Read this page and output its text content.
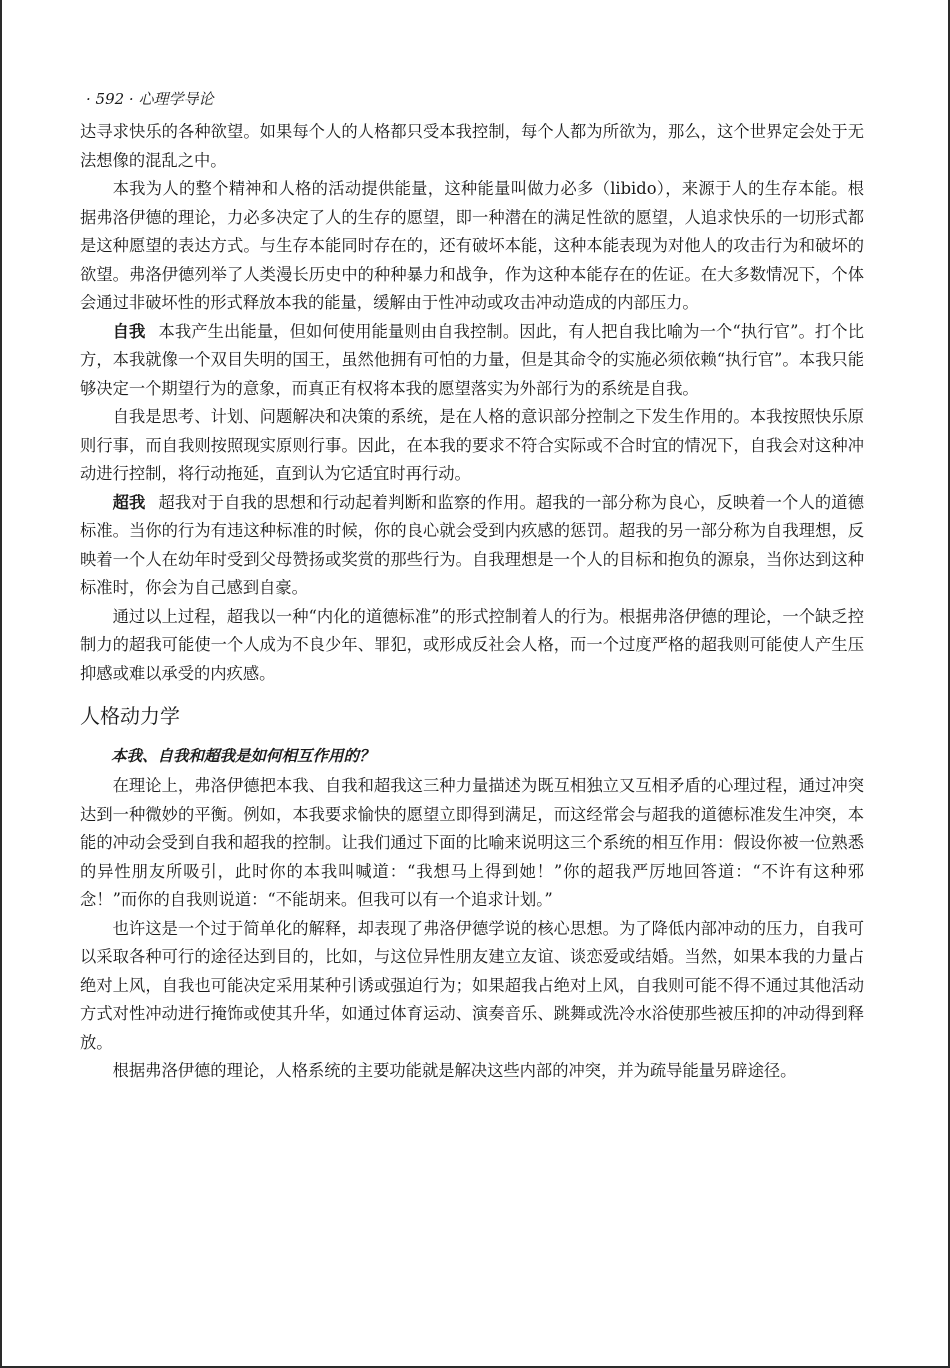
· 592 · 心理学导论

达寻求快乐的各种欲望。如果每个人的人格都只受本我控制，每个人都为所欲为，那么，这个世界定会处于无法想像的混乱之中。

本我为人的整个精神和人格的活动提供能量，这种能量叫做力必多（libido），来源于人的生存本能。根据弗洛伊德的理论，力必多决定了人的生存的愿望，即一种潜在的满足性欲的愿望，人追求快乐的一切形式都是这种愿望的表达方式。与生存本能同时存在的，还有破坏本能，这种本能表现为对他人的攻击行为和破坏的欲望。弗洛伊德列举了人类漫长历史中的种种暴力和战争，作为这种本能存在的佐证。在大多数情况下，个体会通过非破坏性的形式释放本我的能量，缓解由于性冲动或攻击冲动造成的内部压力。

自我 本我产生出能量，但如何使用能量则由自我控制。因此，有人把自我比喻为一个“执行官”。打个比方，本我就像一个双目失明的国王，虽然他拥有可怕的力量，但是其命令的实施必须依赖“执行官”。本我只能够决定一个期望行为的意象，而真正有权将本我的愿望落实为外部行为的系统是自我。

自我是思考、计划、问题解决和决策的系统，是在人格的意识部分控制之下发生作用的。本我按照快乐原则行事，而自我则按照现实原则行事。因此，在本我的要求不符合实际或不合时宜的情况下，自我会对这种冲动进行控制，将行动拖延，直到认为它适宜时再行动。

超我 超我对于自我的思想和行动起着判断和监察的作用。超我的一部分称为良心，反映着一个人的道德标准。当你的行为有违这种标准的时候，你的良心就会受到内疚感的惩罚。超我的另一部分称为自我理想，反映着一个人在幼年时受到父母赞扬或奖赏的那些行为。自我理想是一个人的目标和抱负的源泉，当你达到这种标准时，你会为自己感到自豪。

通过以上过程，超我以一种“内化的道德标准”的形式控制着人的行为。根据弗洛伊德的理论，一个缺乏控制力的超我可能使一个人成为不良少年、罪犯，或形成反社会人格，而一个过度严格的超我则可能使人产生压抑感或难以承受的内疚感。

人格动力学
本我、自我和超我是如何相互作用的？

在理论上，弗洛伊德把本我、自我和超我这三种力量描述为既互相独立又互相矛盾的心理过程，通过冲突达到一种微妙的平衡。例如，本我要求愉快的愿望立即得到满足，而这经常会与超我的道德标准发生冲突，本能的冲动会受到自我和超我的控制。让我们通过下面的比喻来说明这三个系统的相互作用：假设你被一位熟悉的异性朋友所吸引，此时你的本我叫喊道：“我想马上得到她！”你的超我严厉地回答道：“不许有这种邪念！”而你的自我则说道：“不能胡来。但我可以有一个追求计划。”

也许这是一个过于简单化的解释，却表现了弗洛伊德学说的核心思想。为了降低内部冲动的压力，自我可以采取各种可行的途径达到目的，比如，与这位异性朋友建立友谊、谈恋爱或结婚。当然，如果本我的力量占绝对上风，自我也可能决定采用某种引诱或强迫行为；如果超我占绝对上风，自我则可能不得不通过其他活动方式对性冲动进行掩饰或使其升华，如通过体育运动、演奏音乐、跳舞或洗冷水浴使那些被压抑的冲动得到释放。

根据弗洛伊德的理论，人格系统的主要功能就是解决这些内部的冲突，并为疏导能量另辟途径。
